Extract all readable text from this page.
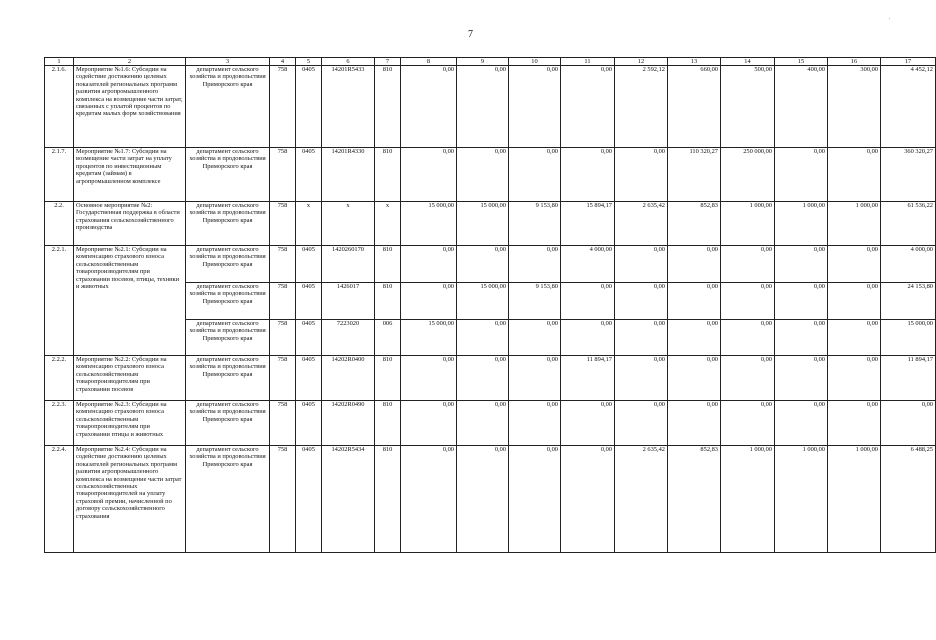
7
'
1	2	3	4	5	6	7	8	9	10	11	12	13	14	15	16	17
2.1.6.	Мероприятие №1.6: Субсидии на содействие достижению целевых показателей региональных программ развития агропромышленного комплекса на возмещение части затрат, связанных с уплатой процентов по кредитам малых форм хозяйствования	департамент сельского хозяйства и продовольствия Приморского края	758	0405	14201R5433	810	0,00	0,00	0,00	0,00	2 592,12	660,00	500,00	400,00	300,00	4 452,12
2.1.7.	Мероприятие №1.7: Субсидии на возмещение части затрат на уплату процентов по инвестиционным кредитам (займам) в агропромышленном комплексе	департамент сельского хозяйства и продовольствия Приморского края	758	0405	14201R4330	810	0,00	0,00	0,00	0,00	0,00	110 320,27	250 000,00	0,00	0,00	360 320,27
2.2.	Основное мероприятие №2: Государственная поддержка в области страхования сельскохозяйственного производства	департамент сельского хозяйства и продовольствия Приморского края	758	х	х	х	15 000,00	15 000,00	9 153,80	15 894,17	2 635,42	852,83	1 000,00	1 000,00	1 000,00	61 536,22
2.2.1.	Мероприятие №2.1: Субсидии на компенсацию страхового взноса сельскохозяйственным товаропроизводителям при страховании посевов, птицы, техники и животных	департамент сельского хозяйства и продовольствия Приморского края	758	0405	1420260170	810	0,00	0,00	0,00	4 000,00	0,00	0,00	0,00	0,00	0,00	4 000,00
		департамент сельского хозяйства и продовольствия Приморского края	758	0405	1426017	810	0,00	15 000,00	9 153,80	0,00	0,00	0,00	0,00	0,00	0,00	24 153,80
		департамент сельского хозяйства и продовольствия Приморского края	758	0405	7223020	006	15 000,00	0,00	0,00	0,00	0,00	0,00	0,00	0,00	0,00	15 000,00
2.2.2.	Мероприятие №2.2: Субсидии на компенсацию страхового взноса сельскохозяйственным товаропроизводителям при страховании посевов	департамент сельского хозяйства и продовольствия Приморского края	758	0405	14202R0400	810	0,00	0,00	0,00	11 894,17	0,00	0,00	0,00	0,00	0,00	11 894,17
2.2.3.	Мероприятие №2.3: Субсидии на компенсацию страхового взноса сельскохозяйственным товаропроизводителям при страховании птицы и животных	департамент сельского хозяйства и продовольствия Приморского края	758	0405	14202R0490	810	0,00	0,00	0,00	0,00	0,00	0,00	0,00	0,00	0,00	0,00
2.2.4.	Мероприятие №2.4: Субсидии на содействие достижению целевых показателей региональных программ развития агропромышленного комплекса на возмещение части затрат сельскохозяйственных товаропроизводителей на уплату страховой премии, начисленной по договору сельскохозяйственного страхования	департамент сельского хозяйства и продовольствия Приморского края	758	0405	14202R5434	810	0,00	0,00	0,00	0,00	2 635,42	852,83	1 000,00	1 000,00	1 000,00	6 488,25
